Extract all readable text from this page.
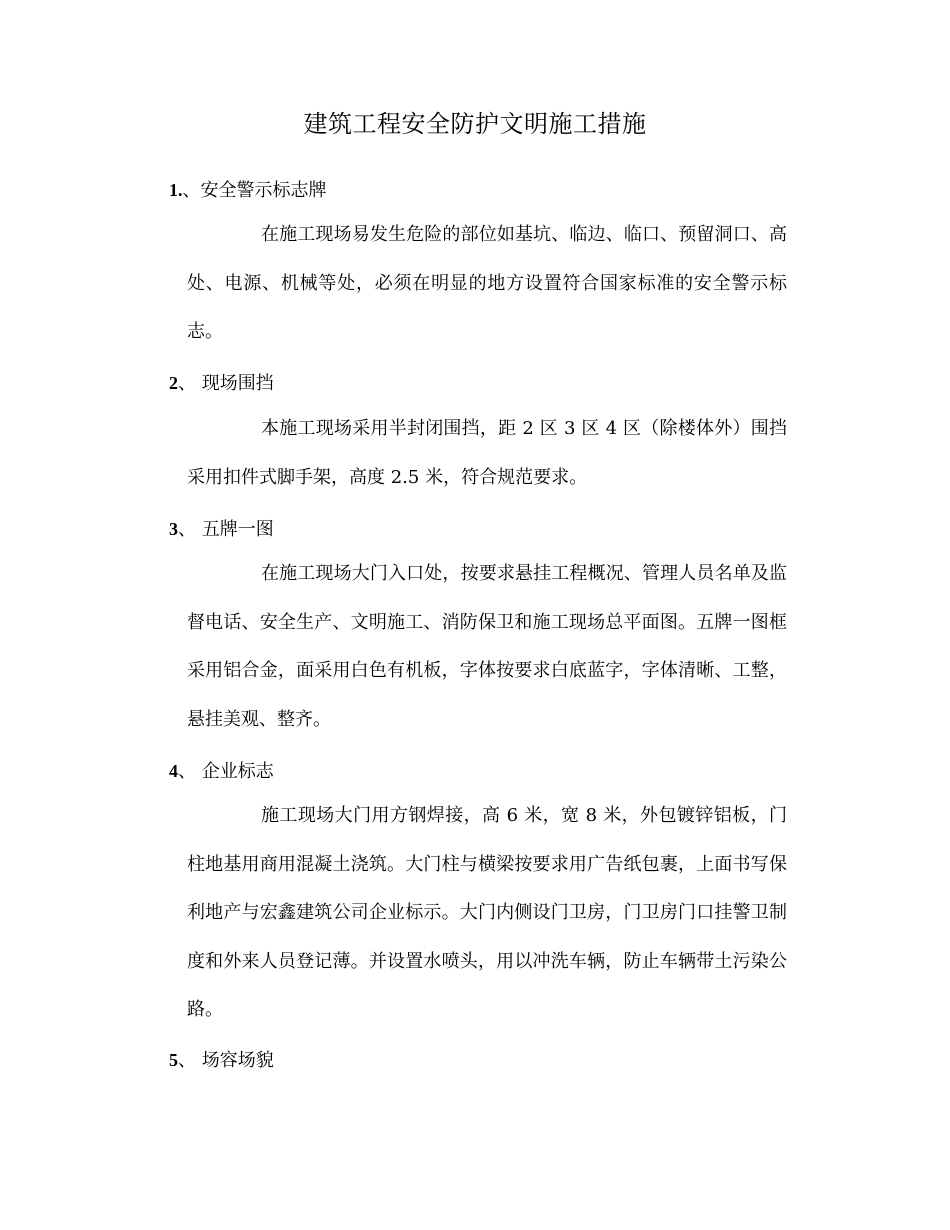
建筑工程安全防护文明施工措施
1.、安全警示标志牌
在施工现场易发生危险的部位如基坑、临边、临口、预留洞口、高处、电源、机械等处，必须在明显的地方设置符合国家标准的安全警示标志。
2、 现场围挡
本施工现场采用半封闭围挡，距 2 区 3 区 4 区（除楼体外）围挡采用扣件式脚手架，高度 2.5 米，符合规范要求。
3、 五牌一图
在施工现场大门入口处，按要求悬挂工程概况、管理人员名单及监督电话、安全生产、文明施工、消防保卫和施工现场总平面图。五牌一图框采用铝合金，面采用白色有机板，字体按要求白底蓝字，字体清晰、工整，悬挂美观、整齐。
4、 企业标志
施工现场大门用方钢焊接，高 6 米，宽 8 米，外包镀锌铝板，门柱地基用商用混凝土浇筑。大门柱与横梁按要求用广告纸包裹，上面书写保利地产与宏鑫建筑公司企业标示。大门内侧设门卫房，门卫房门口挂警卫制度和外来人员登记薄。并设置水喷头，用以冲洗车辆，防止车辆带土污染公路。
5、 场容场貌
